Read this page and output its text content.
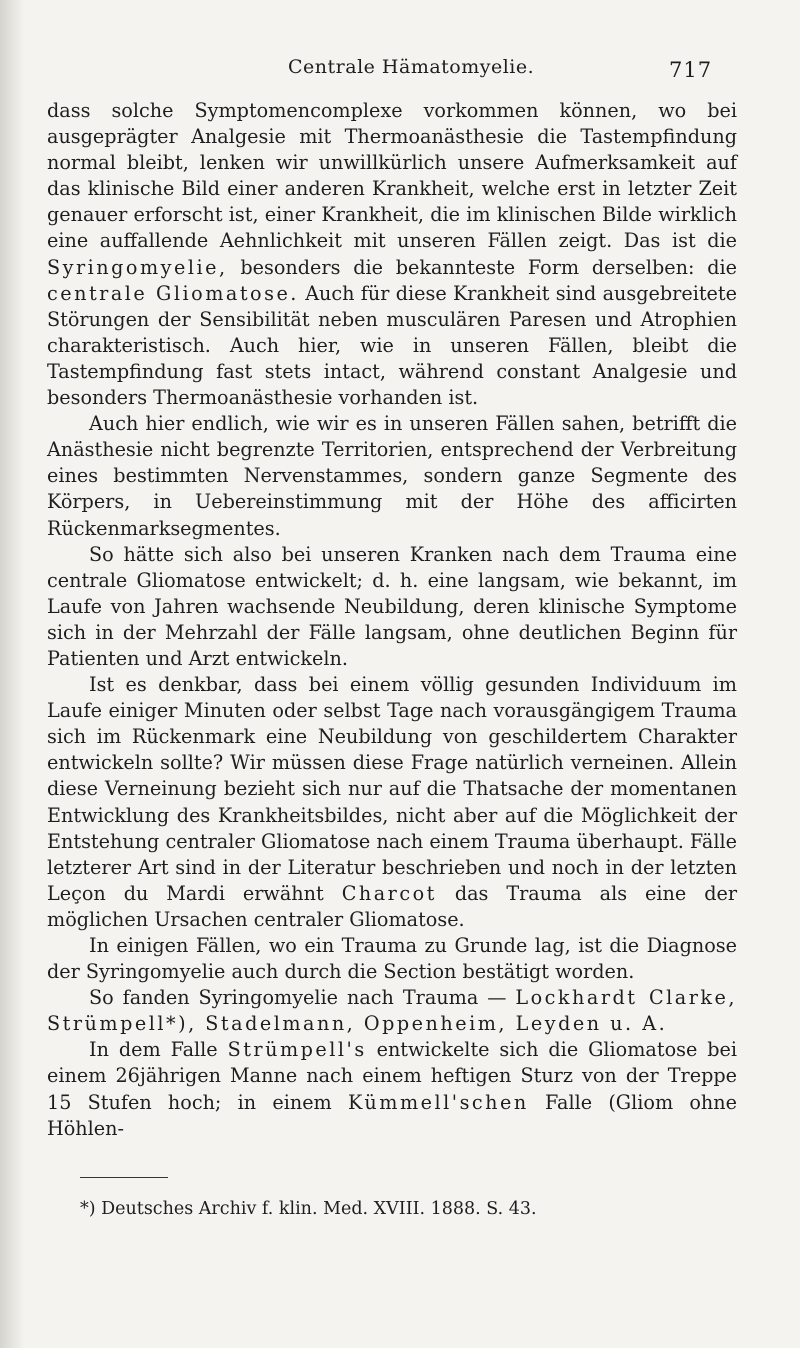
Centrale Hämatomyelie.	717

dass solche Symptomencomplexe vorkommen können, wo bei ausgeprägter Analgesie mit Thermoanästhesie die Tastempfindung normal bleibt, lenken wir unwillkürlich unsere Aufmerksamkeit auf das klinische Bild einer anderen Krankheit, welche erst in letzter Zeit genauer erforscht ist, einer Krankheit, die im klinischen Bilde wirklich eine auffallende Aehnlichkeit mit unseren Fällen zeigt. Das ist die Syringomyelie, besonders die bekannteste Form derselben: die centrale Gliomatose. Auch für diese Krankheit sind ausgebreitete Störungen der Sensibilität neben musculären Paresen und Atrophien charakteristisch. Auch hier, wie in unseren Fällen, bleibt die Tastempfindung fast stets intact, während constant Analgesie und besonders Thermoanästhesie vorhanden ist.

Auch hier endlich, wie wir es in unseren Fällen sahen, betrifft die Anästhesie nicht begrenzte Territorien, entsprechend der Verbreitung eines bestimmten Nervenstammes, sondern ganze Segmente des Körpers, in Uebereinstimmung mit der Höhe des afficirten Rückenmarksegmentes.

So hätte sich also bei unseren Kranken nach dem Trauma eine centrale Gliomatose entwickelt; d. h. eine langsam, wie bekannt, im Laufe von Jahren wachsende Neubildung, deren klinische Symptome sich in der Mehrzahl der Fälle langsam, ohne deutlichen Beginn für Patienten und Arzt entwickeln.

Ist es denkbar, dass bei einem völlig gesunden Individuum im Laufe einiger Minuten oder selbst Tage nach vorausgängigem Trauma sich im Rückenmark eine Neubildung von geschildertem Charakter entwickeln sollte? Wir müssen diese Frage natürlich verneinen. Allein diese Verneinung bezieht sich nur auf die Thatsache der momentanen Entwicklung des Krankheitsbildes, nicht aber auf die Möglichkeit der Entstehung centraler Gliomatose nach einem Trauma überhaupt. Fälle letzterer Art sind in der Literatur beschrieben und noch in der letzten Leçon du Mardi erwähnt Charcot das Trauma als eine der möglichen Ursachen centraler Gliomatose.

In einigen Fällen, wo ein Trauma zu Grunde lag, ist die Diagnose der Syringomyelie auch durch die Section bestätigt worden.

So fanden Syringomyelie nach Trauma — Lockhardt Clarke, Strümpell*), Stadelmann, Oppenheim, Leyden u. A.

In dem Falle Strümpell's entwickelte sich die Gliomatose bei einem 26jährigen Manne nach einem heftigen Sturz von der Treppe 15 Stufen hoch; in einem Kümmell'schen Falle (Gliom ohne Höhlen-

*) Deutsches Archiv f. klin. Med. XVIII. 1888. S. 43.
